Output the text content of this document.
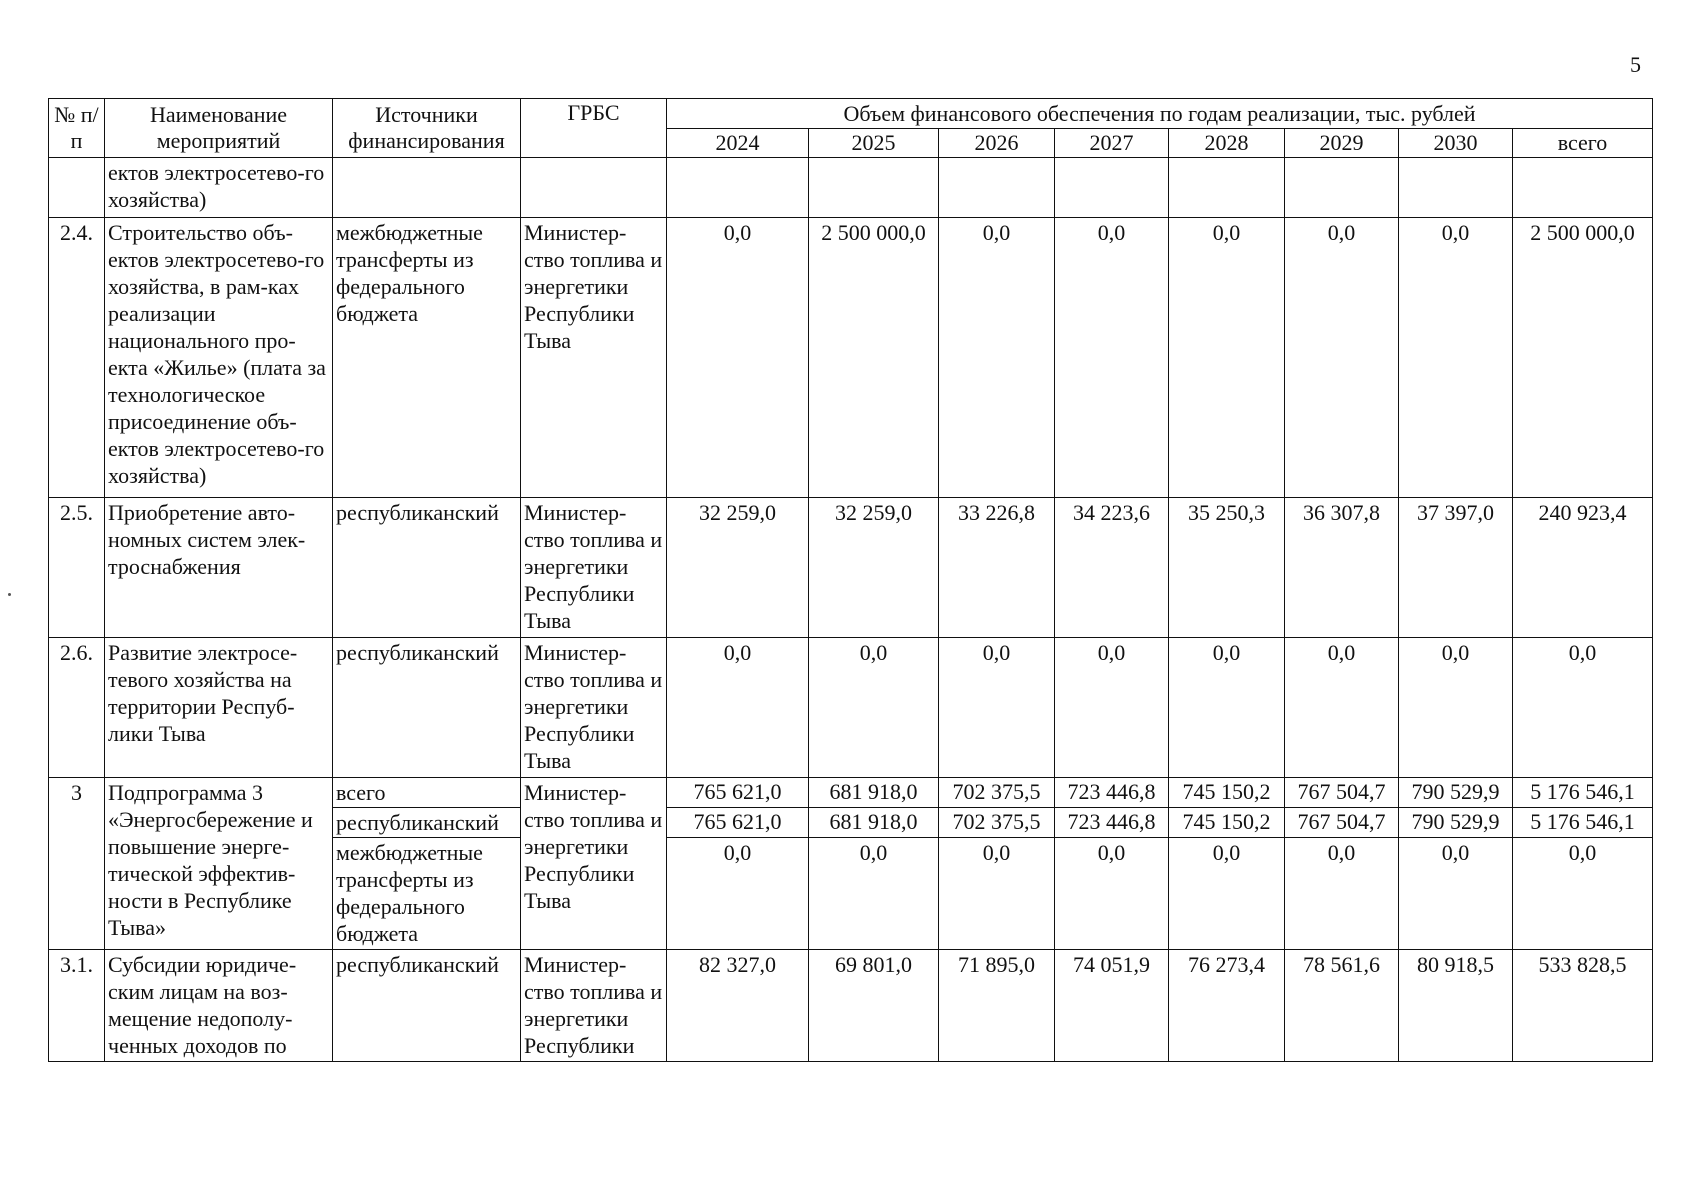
5
№ п/п	Наименование мероприятий	Источники финансирования	ГРБС	Объем финансового обеспечения по годам реализации, тыс. рублей							
				2024	2025	2026	2027	2028	2029	2030	всего
	ектов электросетево-го хозяйства)										
2.4.	Строительство объ-ектов электросетево-го хозяйства, в рам-ках реализации национального про-екта «Жилье» (плата за технологическое присоединение объ-ектов электросетево-го хозяйства)	межбюджетные трансферты из федерального бюджета	Министер-ство топлива и энергетики Республики Тыва	0,0	2 500 000,0	0,0	0,0	0,0	0,0	0,0	2 500 000,0
2.5.	Приобретение авто-номных систем элек-троснабжения	республиканский	Министер-ство топлива и энергетики Республики Тыва	32 259,0	32 259,0	33 226,8	34 223,6	35 250,3	36 307,8	37 397,0	240 923,4
2.6.	Развитие электросе-тевого хозяйства на территории Респуб-лики Тыва	республиканский	Министер-ство топлива и энергетики Республики Тыва	0,0	0,0	0,0	0,0	0,0	0,0	0,0	0,0
3	Подпрограмма 3 «Энергосбережение и повышение энерге-тической эффектив-ности в Республике Тыва»	всего	Министер-ство топлива и энергетики Республики Тыва	765 621,0	681 918,0	702 375,5	723 446,8	745 150,2	767 504,7	790 529,9	5 176 546,1
		республиканский		765 621,0	681 918,0	702 375,5	723 446,8	745 150,2	767 504,7	790 529,9	5 176 546,1
		межбюджетные трансферты из федерального бюджета		0,0	0,0	0,0	0,0	0,0	0,0	0,0	0,0
3.1.	Субсидии юридиче-ским лицам на воз-мещение недополу-ченных доходов по	республиканский	Министер-ство топлива и энергетики Республики	82 327,0	69 801,0	71 895,0	74 051,9	76 273,4	78 561,6	80 918,5	533 828,5
